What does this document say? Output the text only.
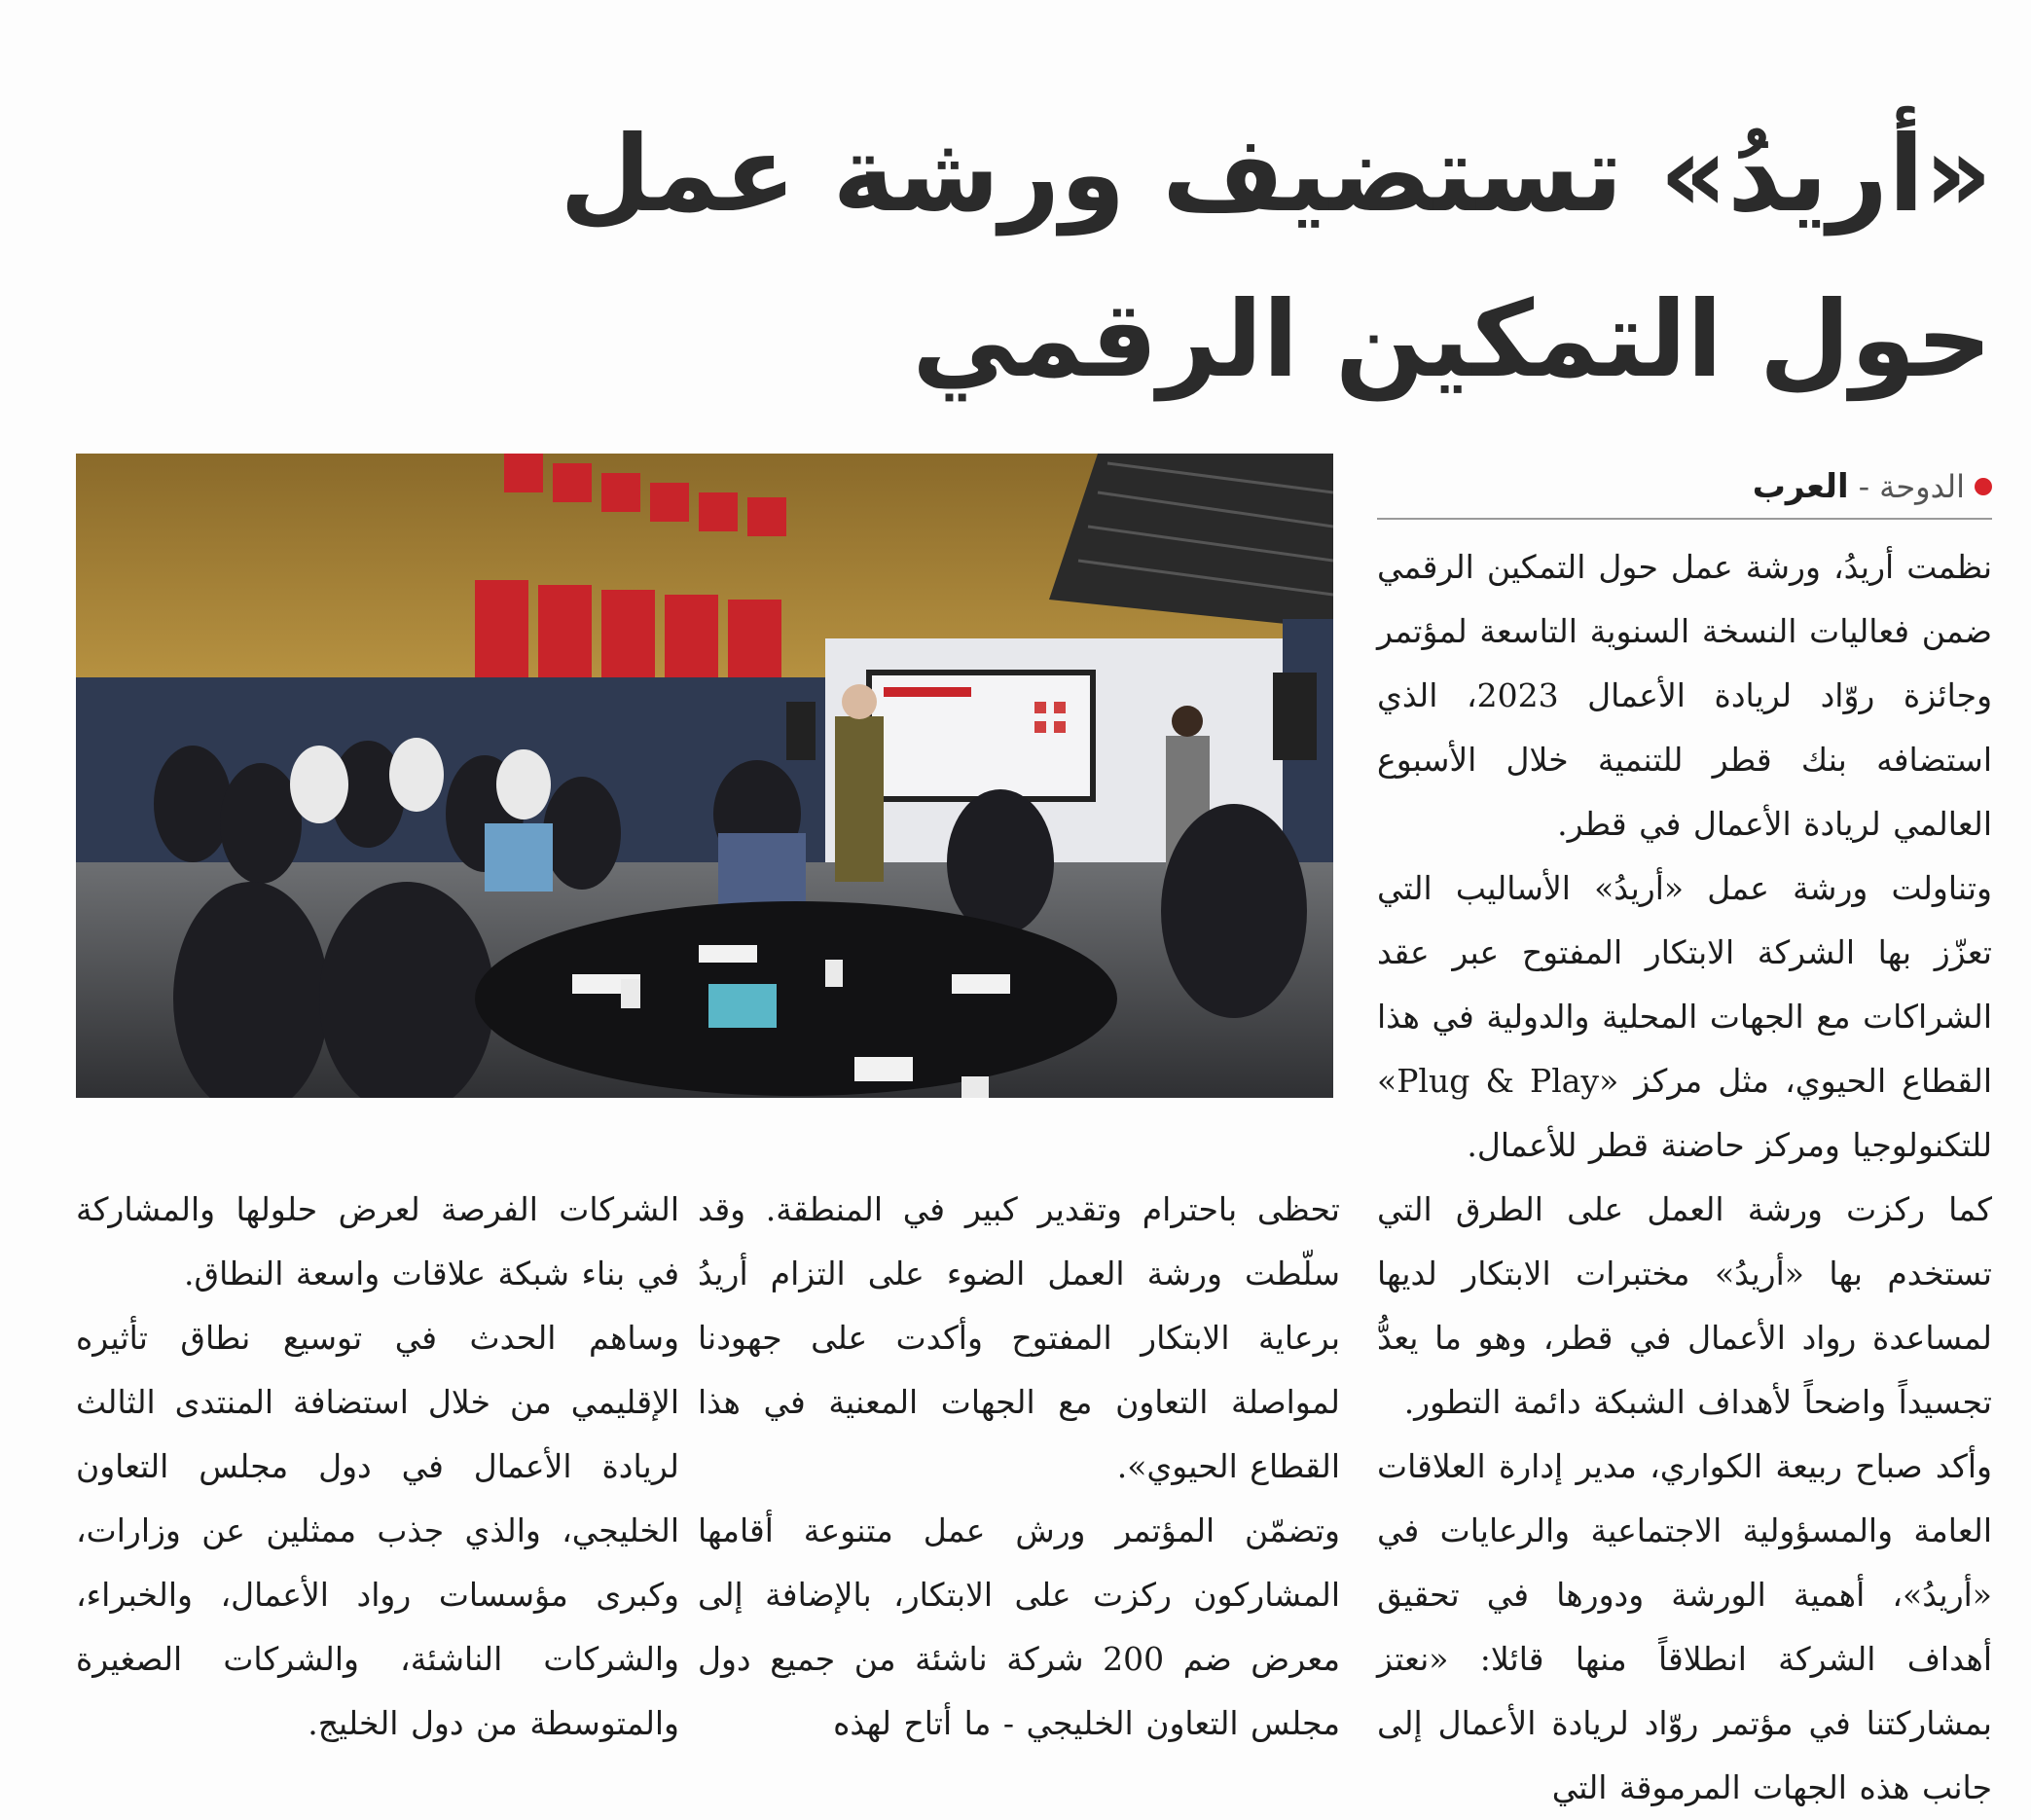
«أريدُ» تستضيف ورشة عمل
حول التمكين الرقمي
الدوحة
-
العرب

نظمت أريدُ، ورشة عمل حول التمكين الرقمي ضمن فعاليات النسخة السنوية التاسعة لمؤتمر وجائزة روّاد لريادة الأعمال 2023، الذي استضافه بنك قطر للتنمية خلال الأسبوع العالمي لريادة الأعمال في قطر.

وتناولت ورشة عمل «أريدُ» الأساليب التي تعزّز بها الشركة الابتكار المفتوح عبر عقد الشراكات مع الجهات المحلية والدولية في هذا القطاع الحيوي، مثل مركز «Plug & Play» للتكنولوجيا ومركز حاضنة قطر للأعمال.

كما ركزت ورشة العمل على الطرق التي تستخدم بها «أريدُ» مختبرات الابتكار لديها لمساعدة رواد الأعمال في قطر، وهو ما يعدُّ تجسيداً واضحاً لأهداف الشبكة دائمة التطور.

وأكد صباح ربيعة الكواري، مدير إدارة العلاقات العامة والمسؤولية الاجتماعية والرعايات في «أريدُ»، أهمية الورشة ودورها في تحقيق أهداف الشركة انطلاقاً منها قائلا: «نعتز بمشاركتنا في مؤتمر روّاد لريادة الأعمال إلى جانب هذه الجهات المرموقة التي

تحظى باحترام وتقدير كبير في المنطقة. وقد سلّطت ورشة العمل الضوء على التزام أريدُ برعاية الابتكار المفتوح وأكدت على جهودنا لمواصلة التعاون مع الجهات المعنية في هذا القطاع الحيوي».

وتضمّن المؤتمر ورش عمل متنوعة أقامها المشاركون ركزت على الابتكار، بالإضافة إلى معرض ضم 200 شركة ناشئة من جميع دول مجلس التعاون الخليجي - ما أتاح لهذه

الشركات الفرصة لعرض حلولها والمشاركة في بناء شبكة علاقات واسعة النطاق.

وساهم الحدث في توسيع نطاق تأثيره الإقليمي من خلال استضافة المنتدى الثالث لريادة الأعمال في دول مجلس التعاون الخليجي، والذي جذب ممثلين عن وزارات، وكبرى مؤسسات رواد الأعمال، والخبراء، والشركات الناشئة، والشركات الصغيرة والمتوسطة من دول الخليج.
